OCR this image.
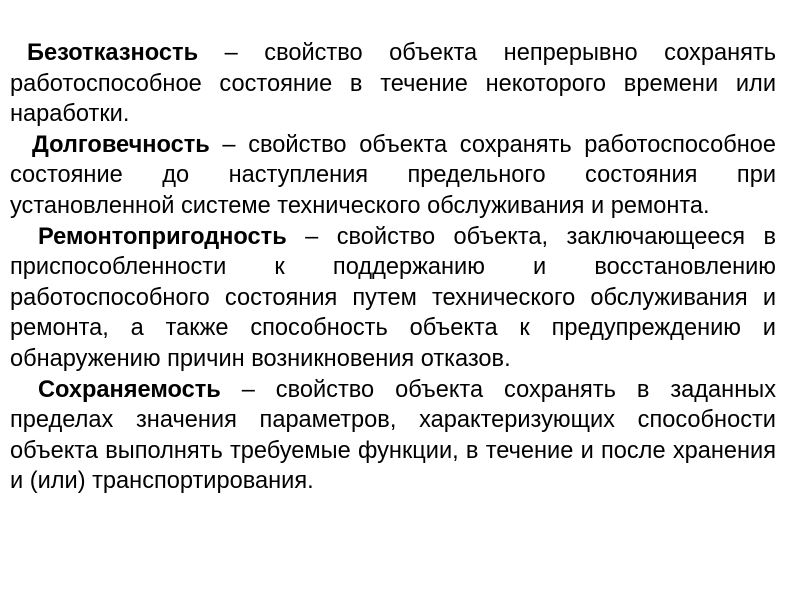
Безотказность – свойство объекта непрерывно сохранять работоспособное состояние в течение некоторого времени или наработки.

Долговечность – свойство объекта сохранять работоспособное состояние до наступления предельного состояния при установленной системе технического обслуживания и ремонта.

Ремонтопригодность – свойство объекта, заключающееся в приспособленности к поддержанию и восстановлению работоспособного состояния путем технического обслуживания и ремонта, а также способность объекта к предупреждению и обнаружению причин возникновения отказов.

Сохраняемость – свойство объекта сохранять в заданных пределах значения параметров, характеризующих способности объекта выполнять требуемые функции, в течение и после хранения и (или) транспортирования.
